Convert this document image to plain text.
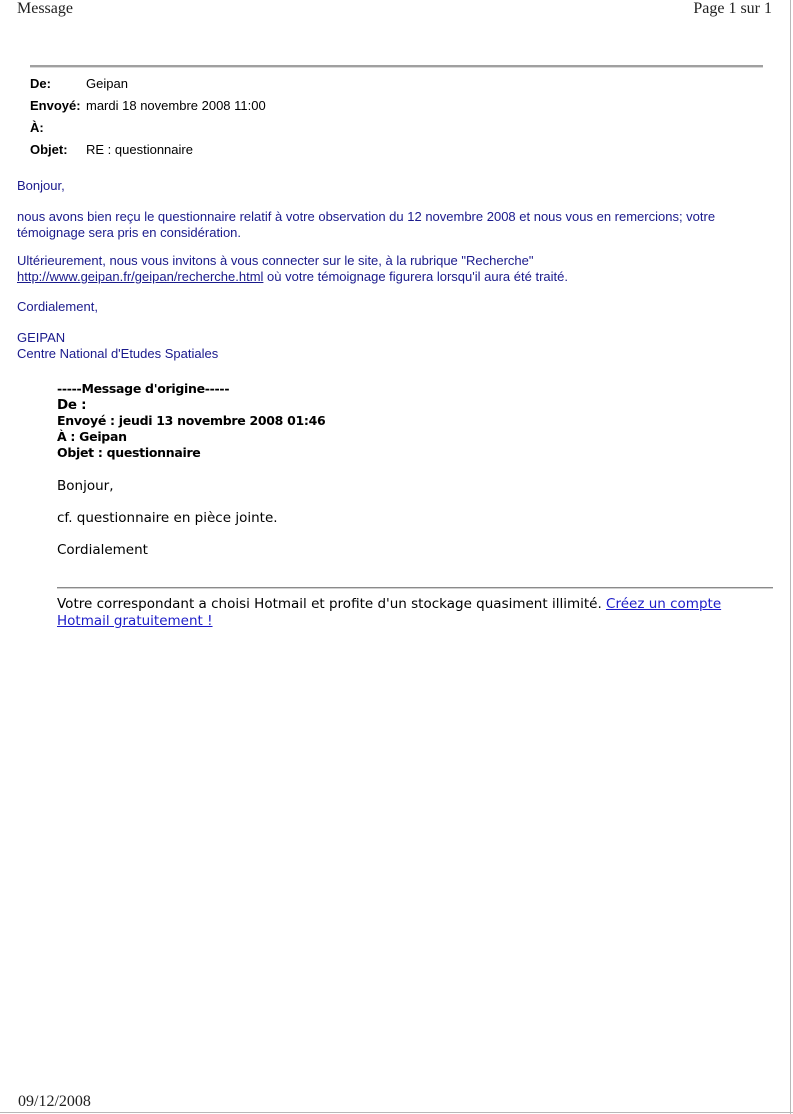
Message	Page 1 sur 1
De:	Geipan
Envoyé:	mardi 18 novembre 2008 11:00
À:	
Objet:	RE : questionnaire

Bonjour,

nous avons bien reçu le questionnaire relatif à votre observation du 12 novembre 2008 et nous vous en remercions; votre témoignage sera pris en considération.

Ultérieurement, nous vous invitons à vous connecter sur le site, à la rubrique "Recherche"
http://www.geipan.fr/geipan/recherche.html où votre témoignage figurera lorsqu'il aura été traité.

Cordialement,

GEIPAN

Centre National d'Etudes Spatiales

-----Message d'origine-----
De :
Envoyé : jeudi 13 novembre 2008 01:46
À : Geipan
Objet : questionnaire
Bonjour,
cf. questionnaire en pièce jointe.
Cordialement
Votre correspondant a choisi Hotmail et profite d'un stockage quasiment illimité. Créez un compte Hotmail gratuitement !
09/12/2008
